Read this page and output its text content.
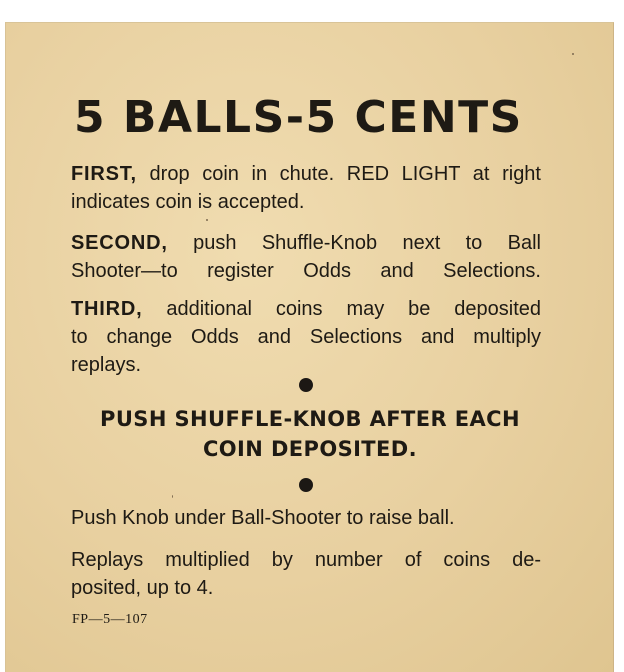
5 BALLS-5 CENTS

FIRST, drop coin in chute. RED LIGHT at right
indicates coin is accepted.

SECOND, push Shuffle-Knob next to Ball
Shooter—to register Odds and Selections.

THIRD, additional coins may be deposited
to change Odds and Selections and multiply
replays.

PUSH SHUFFLE-KNOB AFTER EACH
COIN DEPOSITED.

Push Knob under Ball-Shooter to raise ball.

Replays multiplied by number of coins de-
posited, up to 4.

FP—5—107
